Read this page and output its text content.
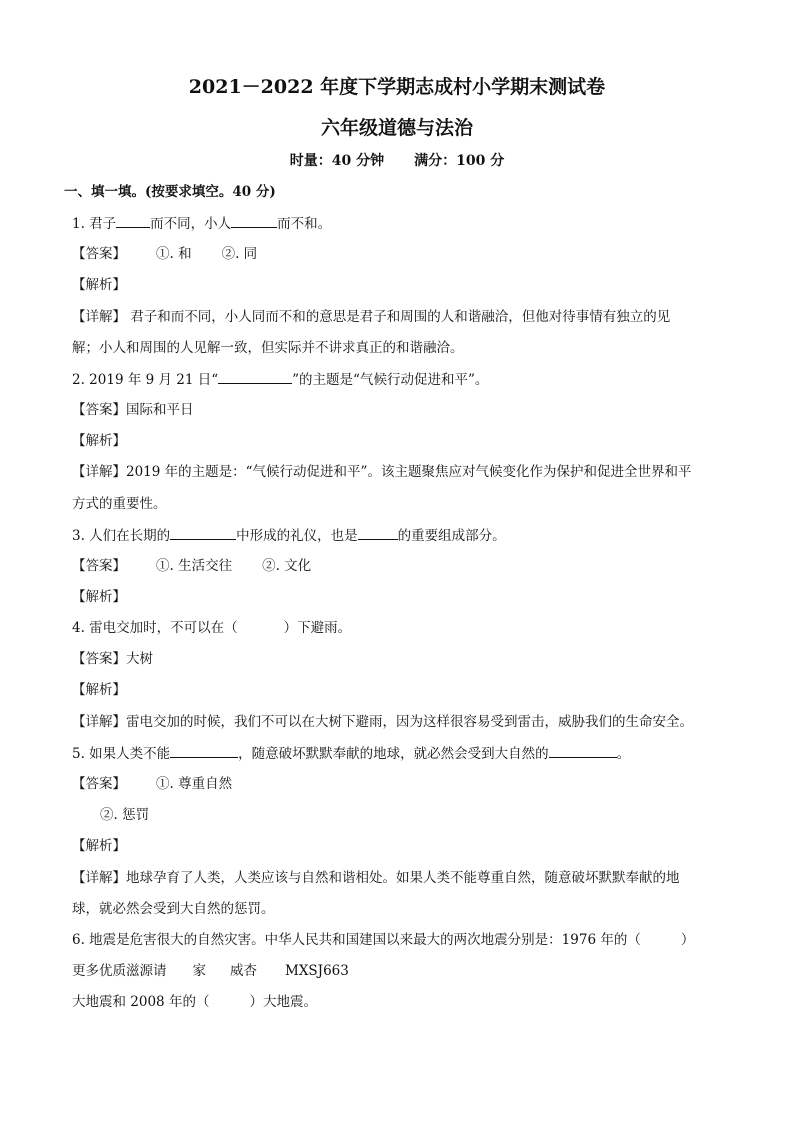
2021－2022 年度下学期志成村小学期末测试卷
六年级道德与法治
时量：40 分钟 满分：100 分
一、填一填。(按要求填空。40 分)
1. 君子	而不同，小人	而不和。
【答案】 ①. 和 ②. 同
【解析】
【详解】 君子和而不同，小人同而不和的意思是君子和周围的人和谐融洽，但他对待事情有独立的见
解；小人和周围的人见解一致，但实际并不讲求真正的和谐融洽。
2. 2019 年 9 月 21 日“	”的主题是“气候行动促进和平”。
【答案】国际和平日
【解析】
【详解】2019 年的主题是：“气候行动促进和平”。该主题聚焦应对气候变化作为保护和促进全世界和平
方式的重要性。
3. 人们在长期的	中形成的礼仪，也是	的重要组成部分。
【答案】 ①. 生活交往 ②. 文化
【解析】
4. 雷电交加时，不可以在（	）下避雨。
【答案】大树
【解析】
【详解】雷电交加的时候，我们不可以在大树下避雨，因为这样很容易受到雷击，威胁我们的生命安全。
5. 如果人类不能	，随意破坏默默奉献的地球，就必然会受到大自然的	。
【答案】 ①. 尊重自然
②. 惩罚
【解析】
【详解】地球孕育了人类，人类应该与自然和谐相处。如果人类不能尊重自然，随意破坏默默奉献的地
球，就必然会受到大自然的惩罚。
6. 地震是危害很大的自然灾害。中华人民共和国建国以来最大的两次地震分别是：1976 年的（	）
更多优质滋源请 家 威杏 MXSJ663
大地震和 2008 年的（	）大地震。
